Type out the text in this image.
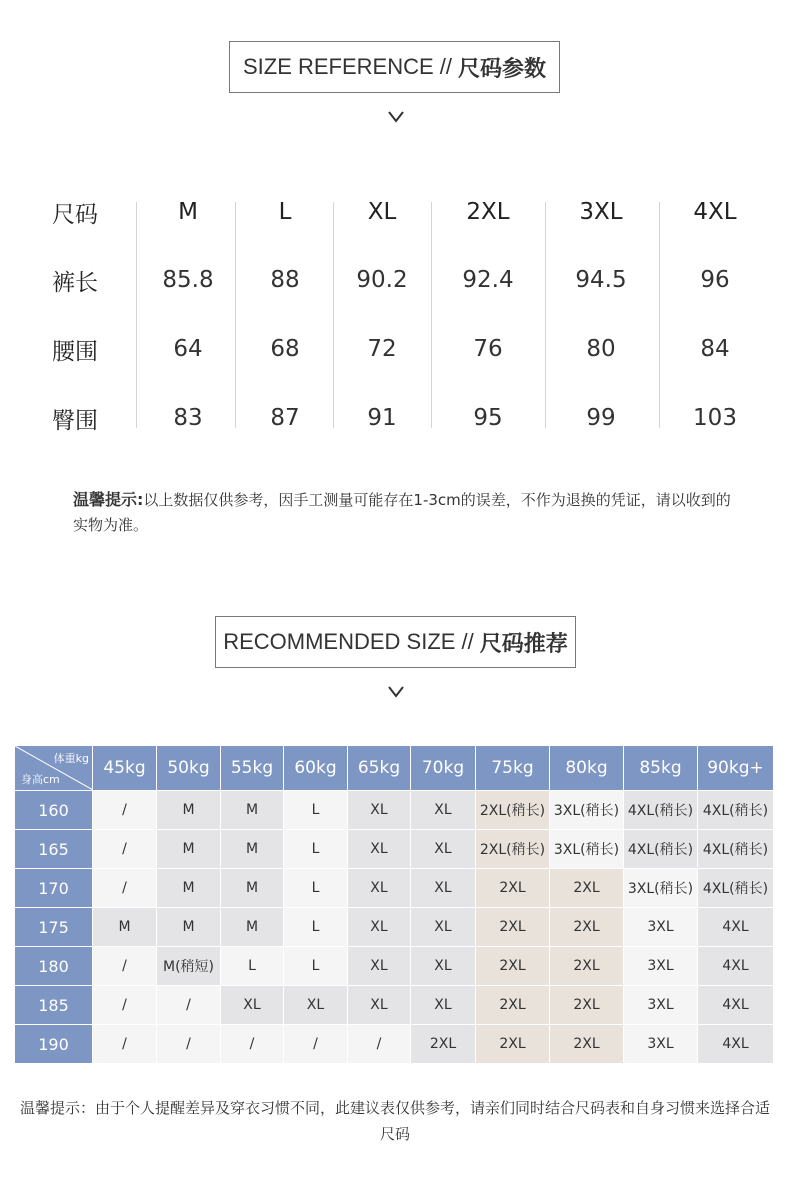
SIZE REFERENCE // 尺码参数
尺码	M	L	XL	2XL	3XL	4XL
裤长	85.8	88	90.2	92.4	94.5	96
腰围	64	68	72	76	80	84
臀围	83	87	91	95	99	103
温馨提示:以上数据仅供参考，因手工测量可能存在1-3cm的误差，不作为退换的凭证，请以收到的实物为准。
RECOMMENDED SIZE // 尺码推荐
体重kg
身高cm	45kg	50kg	55kg	60kg	65kg	70kg	75kg	80kg	85kg	90kg+
160	/	M	M	L	XL	XL	2XL(稍长)	3XL(稍长)	4XL(稍长)	4XL(稍长)
165	/	M	M	L	XL	XL	2XL(稍长)	3XL(稍长)	4XL(稍长)	4XL(稍长)
170	/	M	M	L	XL	XL	2XL	2XL	3XL(稍长)	4XL(稍长)
175	M	M	M	L	XL	XL	2XL	2XL	3XL	4XL
180	/	M(稍短)	L	L	XL	XL	2XL	2XL	3XL	4XL
185	/	/	XL	XL	XL	XL	2XL	2XL	3XL	4XL
190	/	/	/	/	/	2XL	2XL	2XL	3XL	4XL
温馨提示：由于个人提醒差异及穿衣习惯不同，此建议表仅供参考，请亲们同时结合尺码表和自身习惯来选择合适尺码
